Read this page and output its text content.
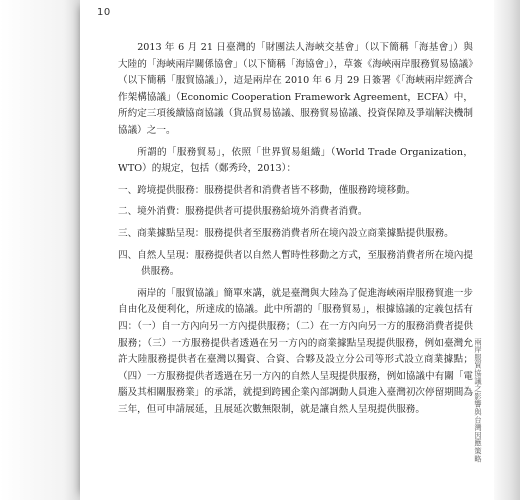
10

2013 年 6 月 21 日臺灣的「財團法人海峽交基會」（以下簡稱「海基會」）與大陸的「海峽兩岸關係協會」（以下簡稱「海協會」），草簽《海峽兩岸服務貿易協議》（以下簡稱「服貿協議」），這是兩岸在 2010 年 6 月 29 日簽署《「海峽兩岸經濟合作架構協議」（Economic Cooperation Framework Agreement，ECFA）中，所約定三項後續協商協議（貨品貿易協議、服務貿易協議、投資保障及爭端解決機制協議）之一。

所謂的「服務貿易」，依照「世界貿易組織」（World Trade Organization，WTO）的規定，包括（鄭秀玲，2013）：

一、跨境提供服務：服務提供者和消費者皆不移動，僅服務跨境移動。

二、境外消費：服務提供者可提供服務給境外消費者消費。

三、商業據點呈現：服務提供者至服務消費者所在境內設立商業據點提供服務。

四、自然人呈現：服務提供者以自然人暫時性移動之方式，至服務消費者所在境內提供服務。

兩岸的「服貿協議」簡單來講，就是臺灣與大陸為了促進海峽兩岸服務貿進一步自由化及便利化，所達成的協議。此中所謂的「服務貿易」，根據協議的定義包括有四：（一）自一方內向另一方內提供服務；（二）在一方內向另一方的服務消費者提供服務；（三）一方服務提供者透過在另一方內的商業據點呈現提供服務，例如臺灣允許大陸服務提供者在臺灣以獨資、合資、合夥及設立分公司等形式設立商業據點；（四）一方服務提供者透過在另一方內的自然人呈現提供服務，例如協議中有關「電腦及其相關服務業」的承諾，就提到跨國企業內部調動人員進入臺灣初次停留期間為三年，但可申請展延，且展延次數無限制，就是讓自然人呈現提供服務。	兩岸服貿協議之影響與台灣因應策略
